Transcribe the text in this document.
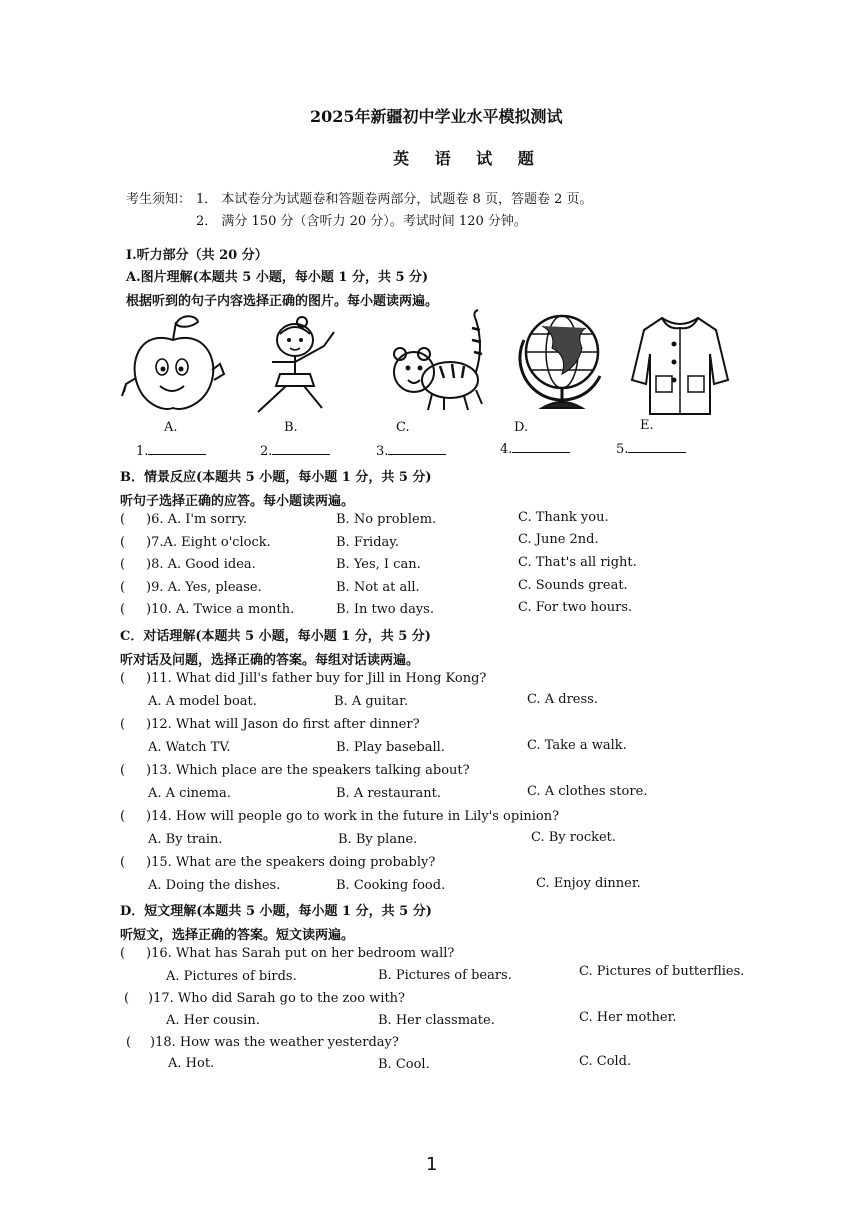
2025年新疆初中学业水平模拟测试
英 语 试 题
考生须知： 1． 本试卷分为试题卷和答题卷两部分，试题卷 8 页，答题卷 2 页。
2． 满分 150 分（含听力 20 分）。考试时间 120 分钟。
I.听力部分（共 20 分）
A.图片理解(本题共 5 小题，每小题 1 分，共 5 分)
根据听到的句子内容选择正确的图片。每小题读两遍。
A.	B.	C.	D.	E.
1.	2.	3.	4.	5.
B．情景反应(本题共 5 小题，每小题 1 分，共 5 分)
听句子选择正确的应答。每小题读两遍。
( )6. A. I'm sorry.	B. No problem.	C. Thank you.
( )7.A. Eight o'clock.	B. Friday.	C. June 2nd.
( )8. A. Good idea.	B. Yes, I can.	C. That's all right.
( )9. A. Yes, please.	B. Not at all.	C. Sounds great.
( )10. A. Twice a month.	B. In two days.	C. For two hours.
C．对话理解(本题共 5 小题，每小题 1 分，共 5 分)
听对话及问题，选择正确的答案。每组对话读两遍。
( )11. What did Jill's father buy for Jill in Hong Kong?
A. A model boat.	B. A guitar.	C. A dress.
( )12. What will Jason do first after dinner?
A. Watch TV.	B. Play baseball.	C. Take a walk.
( )13. Which place are the speakers talking about?
A. A cinema.	B. A restaurant.	C. A clothes store.
( )14. How will people go to work in the future in Lily's opinion?
A. By train.	B. By plane.	C. By rocket.
( )15. What are the speakers doing probably?
A. Doing the dishes.	B. Cooking food.	C. Enjoy dinner.
D．短文理解(本题共 5 小题，每小题 1 分，共 5 分)
听短文，选择正确的答案。短文读两遍。
( )16. What has Sarah put on her bedroom wall?
A. Pictures of birds.	B. Pictures of bears.	C. Pictures of butterflies.
( )17. Who did Sarah go to the zoo with?
A. Her cousin.	B. Her classmate.	C. Her mother.
( )18. How was the weather yesterday?
A. Hot.	B. Cool.	C. Cold.
1
